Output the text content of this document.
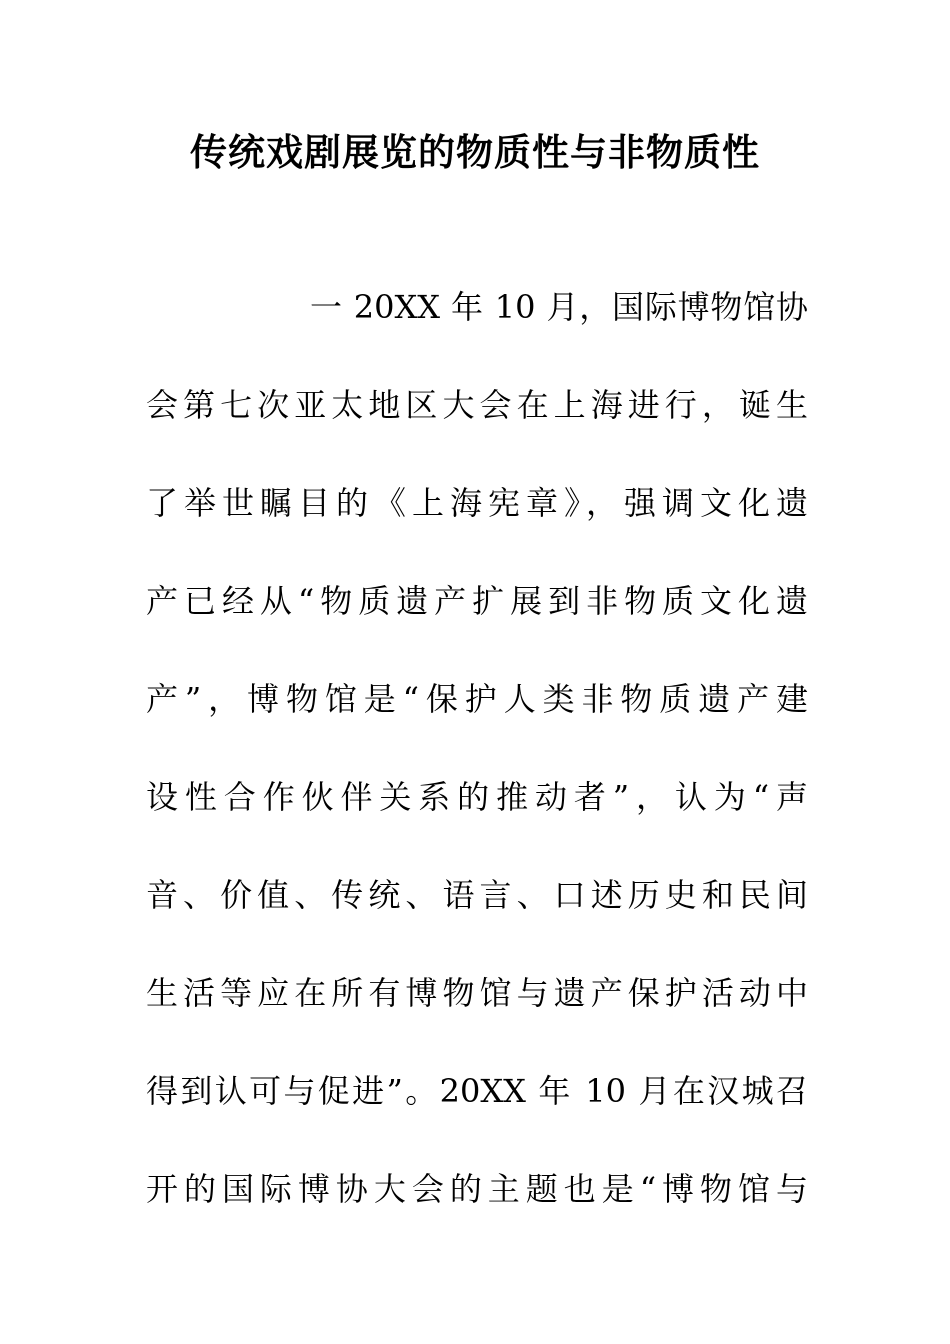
传统戏剧展览的物质性与非物质性
一 20XX 年 10 月，国际博物馆协
会第七次亚太地区大会在上海进行，诞生
了举世瞩目的《上海宪章》，强调文化遗
产已经从“物质遗产扩展到非物质文化遗
产”，博物馆是“保护人类非物质遗产建
设性合作伙伴关系的推动者”，认为“声
音、价值、传统、语言、口述历史和民间
生活等应在所有博物馆与遗产保护活动中
得到认可与促进”。20XX 年 10 月在汉城召
开的国际博协大会的主题也是“博物馆与
